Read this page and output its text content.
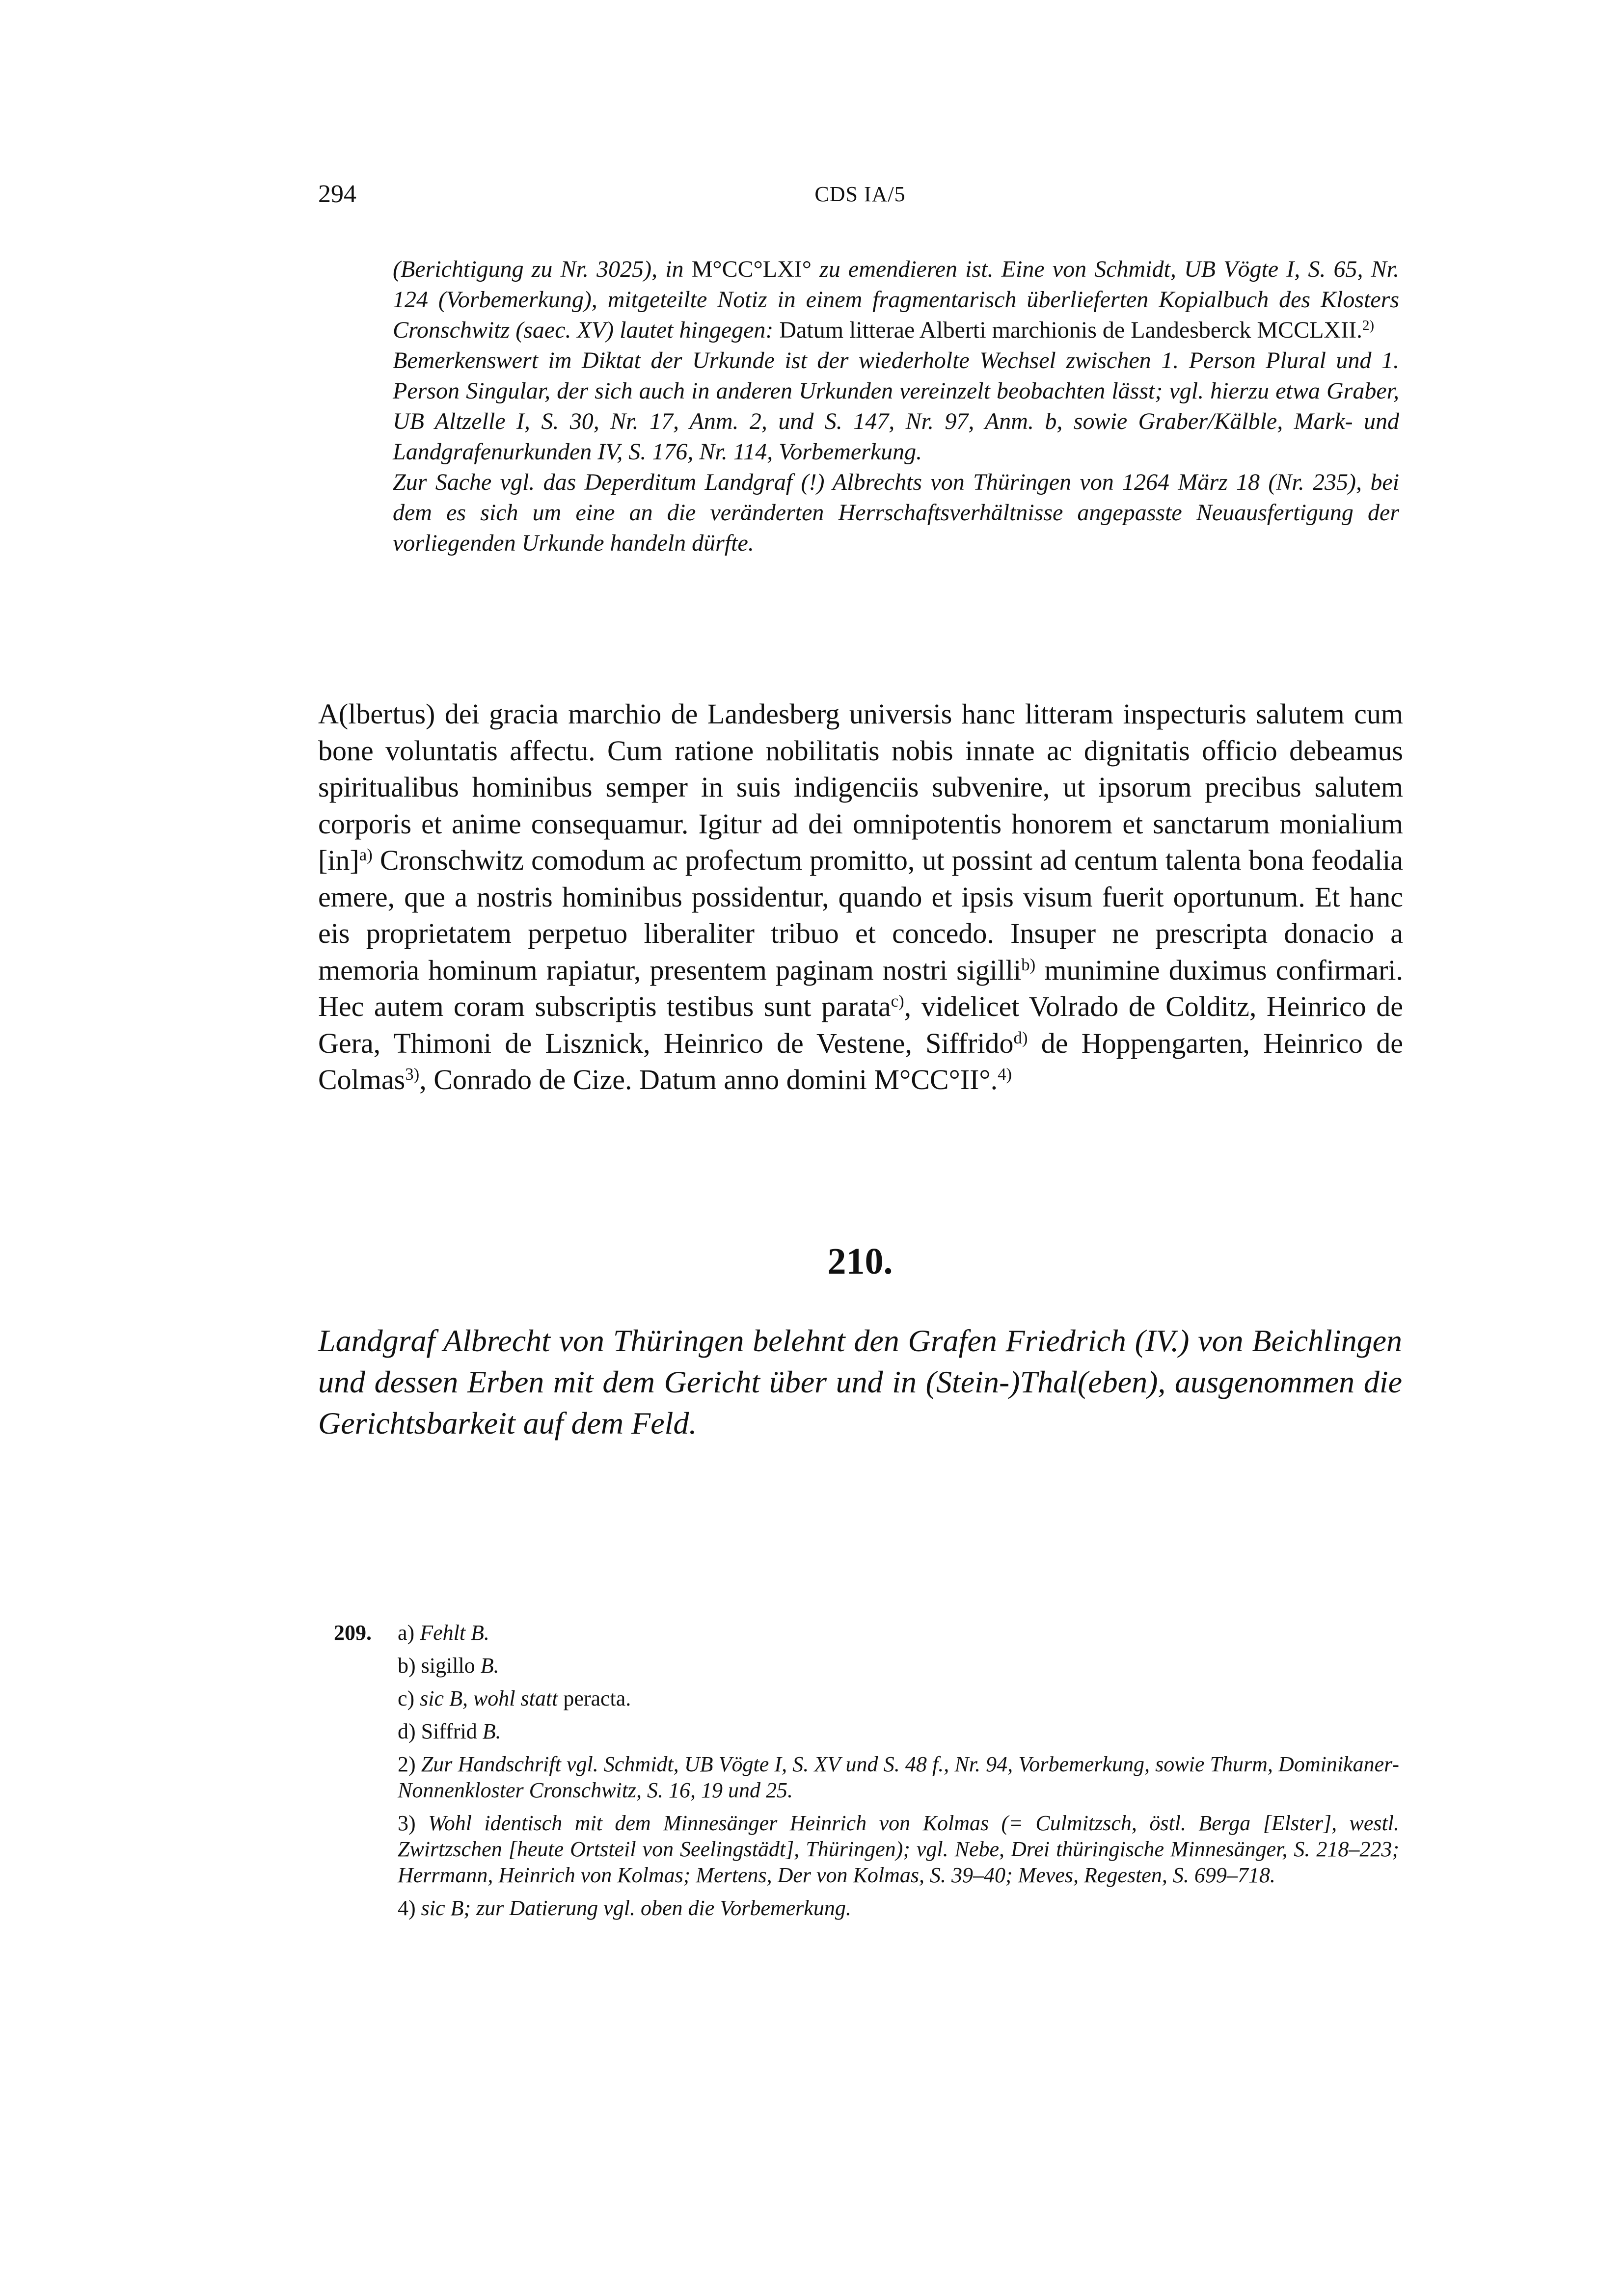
294	CDS IA/5

(Berichtigung zu Nr. 3025), in M°CC°LXI° zu emendieren ist. Eine von Schmidt, UB Vögte I, S. 65, Nr. 124 (Vorbemerkung), mitgeteilte Notiz in einem fragmentarisch überlieferten Kopialbuch des Klosters Cronschwitz (saec. XV) lautet hingegen: Datum litterae Alberti marchionis de Landesberck MCCLXII.$^{2)}$

Bemerkenswert im Diktat der Urkunde ist der wiederholte Wechsel zwischen 1. Person Plural und 1. Person Singular, der sich auch in anderen Urkunden vereinzelt beobachten lässt; vgl. hierzu etwa Graber, UB Altzelle I, S. 30, Nr. 17, Anm. 2, und S. 147, Nr. 97, Anm. b, sowie Graber/Kälble, Mark- und Landgrafenurkunden IV, S. 176, Nr. 114, Vorbemerkung.

Zur Sache vgl. das Deperditum Landgraf (!) Albrechts von Thüringen von 1264 März 18 (Nr. 235), bei dem es sich um eine an die veränderten Herrschaftsverhältnisse angepasste Neuausfertigung der vorliegenden Urkunde handeln dürfte.

A(lbertus) dei gracia marchio de Landesberg universis hanc litteram inspecturis salutem cum bone voluntatis affectu. Cum ratione nobilitatis nobis innate ac dignitatis officio debeamus spiritualibus hominibus semper in suis indigenciis subvenire, ut ipsorum precibus salutem corporis et anime consequamur. Igitur ad dei omnipotentis honorem et sanctarum monialium [in]$^{a)}$ Cronschwitz comodum ac profectum promitto, ut possint ad centum talenta bona feodalia emere, que a nostris hominibus possidentur, quando et ipsis visum fuerit oportunum. Et hanc eis proprietatem perpetuo liberaliter tribuo et concedo. Insuper ne prescripta donacio a memoria hominum rapiatur, presentem paginam nostri sigilli$^{b)}$ munimine duximus confirmari. Hec autem coram subscriptis testibus sunt parata$^{c)}$, videlicet Volrado de Colditz, Heinrico de Gera, Thimoni de Lisznick, Heinrico de Vestene, Siffrido$^{d)}$ de Hoppengarten, Heinrico de Colmas$^{3)}$, Conrado de Cize. Datum anno domini M°CC°II°.$^{4)}$

210.
Landgraf Albrecht von Thüringen belehnt den Grafen Friedrich (IV.) von Beichlingen und dessen Erben mit dem Gericht über und in (Stein-)Thal(eben), ausgenommen die Gerichtsbarkeit auf dem Feld.
209. a) Fehlt B.

b) sigillo B.

c) sic B, wohl statt peracta.

d) Siffrid B.

2) Zur Handschrift vgl. Schmidt, UB Vögte I, S. XV und S. 48 f., Nr. 94, Vorbemerkung, sowie Thurm, Dominikaner-Nonnenkloster Cronschwitz, S. 16, 19 und 25.

3) Wohl identisch mit dem Minnesänger Heinrich von Kolmas (= Culmitzsch, östl. Berga [Elster], westl. Zwirtzschen [heute Ortsteil von Seelingstädt], Thüringen); vgl. Nebe, Drei thüringische Minnesänger, S. 218–223; Herrmann, Heinrich von Kolmas; Mertens, Der von Kolmas, S. 39–40; Meves, Regesten, S. 699–718.

4) sic B; zur Datierung vgl. oben die Vorbemerkung.
